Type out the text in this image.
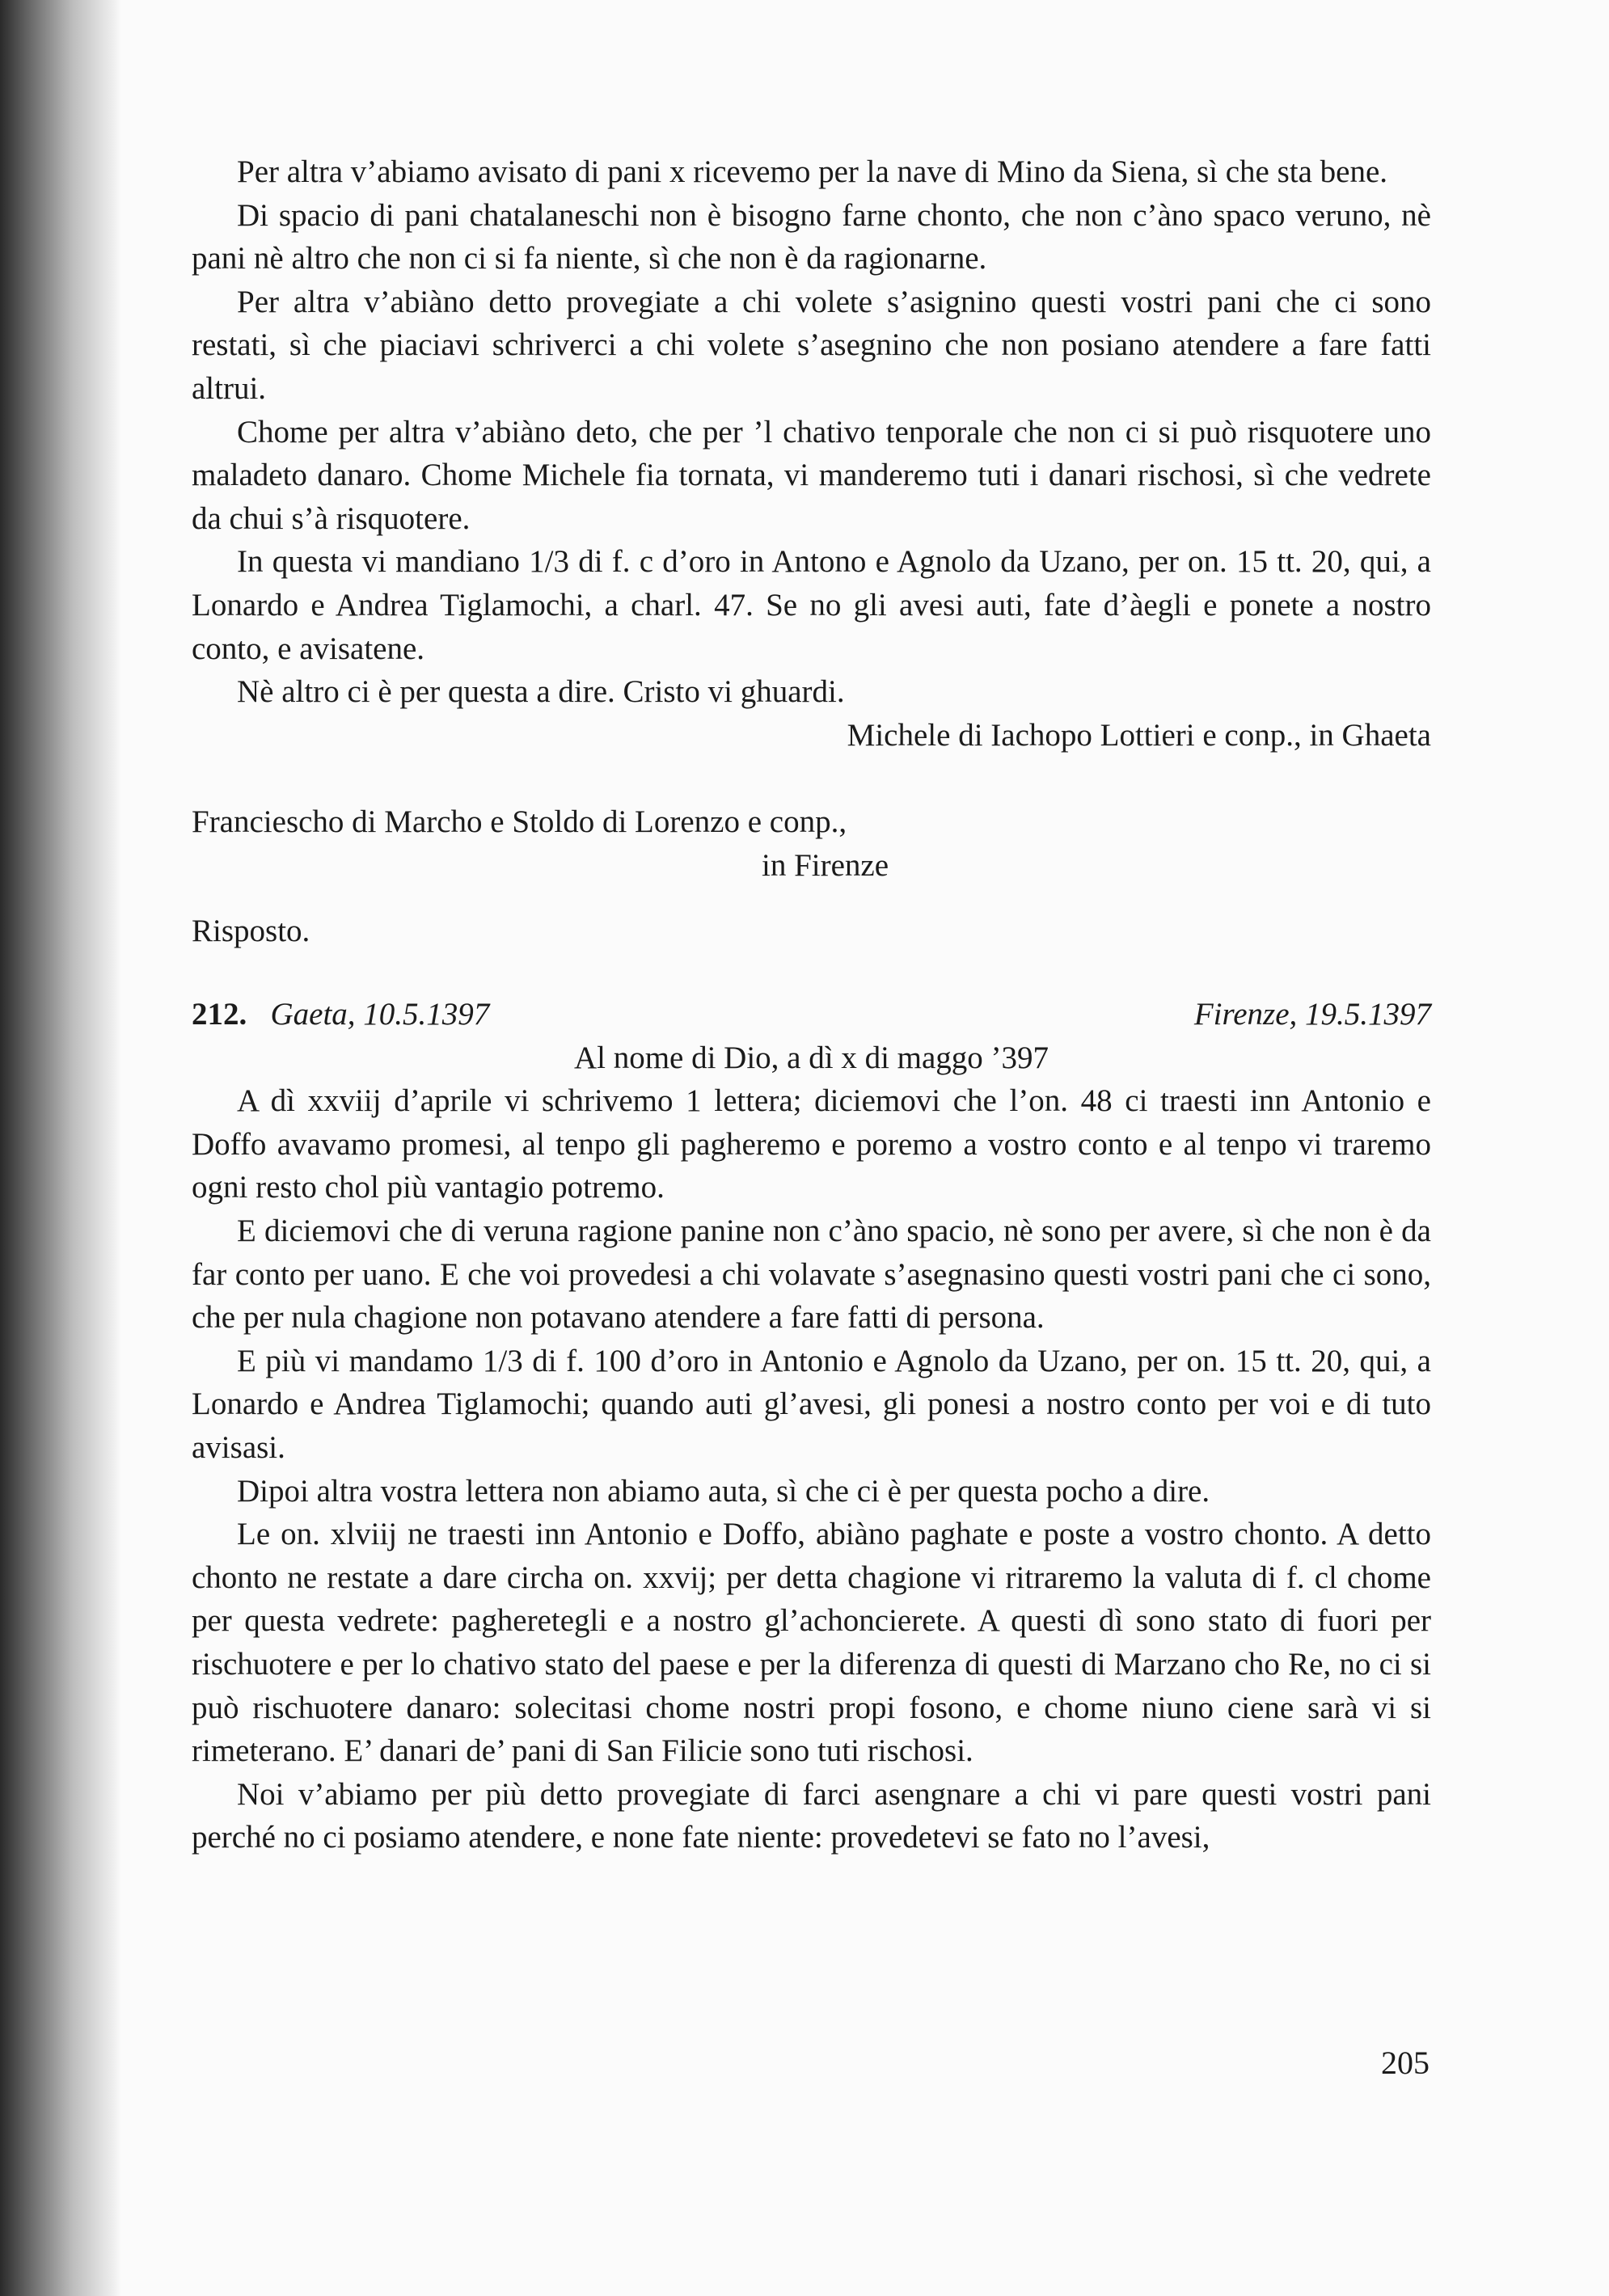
Per altra v’abiamo avisato di pani x ricevemo per la nave di Mino da Siena, sì che sta bene.

Di spacio di pani chatalaneschi non è bisogno farne chonto, che non c’àno spaco veruno, nè pani nè altro che non ci si fa niente, sì che non è da ragionarne.

Per altra v’abiàno detto provegiate a chi volete s’asignino questi vostri pani che ci sono restati, sì che piaciavi schriverci a chi volete s’asegnino che non posiano atendere a fare fatti altrui.

Chome per altra v’abiàno deto, che per ’l chativo tenporale che non ci si può risquotere uno maladeto danaro. Chome Michele fia tornata, vi manderemo tuti i danari rischosi, sì che vedrete da chui s’à risquotere.

In questa vi mandiano 1/3 di f. c d’oro in Antono e Agnolo da Uzano, per on. 15 tt. 20, qui, a Lonardo e Andrea Tiglamochi, a charl. 47. Se no gli avesi auti, fate d’àegli e ponete a nostro conto, e avisatene.

Nè altro ci è per questa a dire. Cristo vi ghuardi.

Michele di Iachopo Lottieri e conp., in Ghaeta

Franciescho di Marcho e Stoldo di Lorenzo e conp.,

in Firenze

Risposto.

212. Gaeta, 10.5.1397	Firenze, 19.5.1397

Al nome di Dio, a dì x di maggo ’397

A dì xxviij d’aprile vi schrivemo 1 lettera; diciemovi che l’on. 48 ci traesti inn Antonio e Doffo avavamo promesi, al tenpo gli pagheremo e poremo a vostro conto e al tenpo vi traremo ogni resto chol più vantagio potremo.

E diciemovi che di veruna ragione panine non c’àno spacio, nè sono per avere, sì che non è da far conto per uano. E che voi provedesi a chi volavate s’asegnasino questi vostri pani che ci sono, che per nula chagione non potavano atendere a fare fatti di persona.

E più vi mandamo 1/3 di f. 100 d’oro in Antonio e Agnolo da Uzano, per on. 15 tt. 20, qui, a Lonardo e Andrea Tiglamochi; quando auti gl’avesi, gli ponesi a nostro conto per voi e di tuto avisasi.

Dipoi altra vostra lettera non abiamo auta, sì che ci è per questa pocho a dire.

Le on. xlviij ne traesti inn Antonio e Doffo, abiàno paghate e poste a vostro chonto. A detto chonto ne restate a dare circha on. xxvij; per detta chagione vi ritraremo la valuta di f. cl chome per questa vedrete: pagheretegli e a nostro gl’achoncierete. A questi dì sono stato di fuori per rischuotere e per lo chativo stato del paese e per la diferenza di questi di Marzano cho Re, no ci si può rischuotere danaro: solecitasi chome nostri propi fosono, e chome niuno ciene sarà vi si rimeterano. E’ danari de’ pani di San Filicie sono tuti rischosi.

Noi v’abiamo per più detto provegiate di farci asengnare a chi vi pare questi vostri pani perché no ci posiamo atendere, e none fate niente: provedetevi se fato no l’avesi,

205
